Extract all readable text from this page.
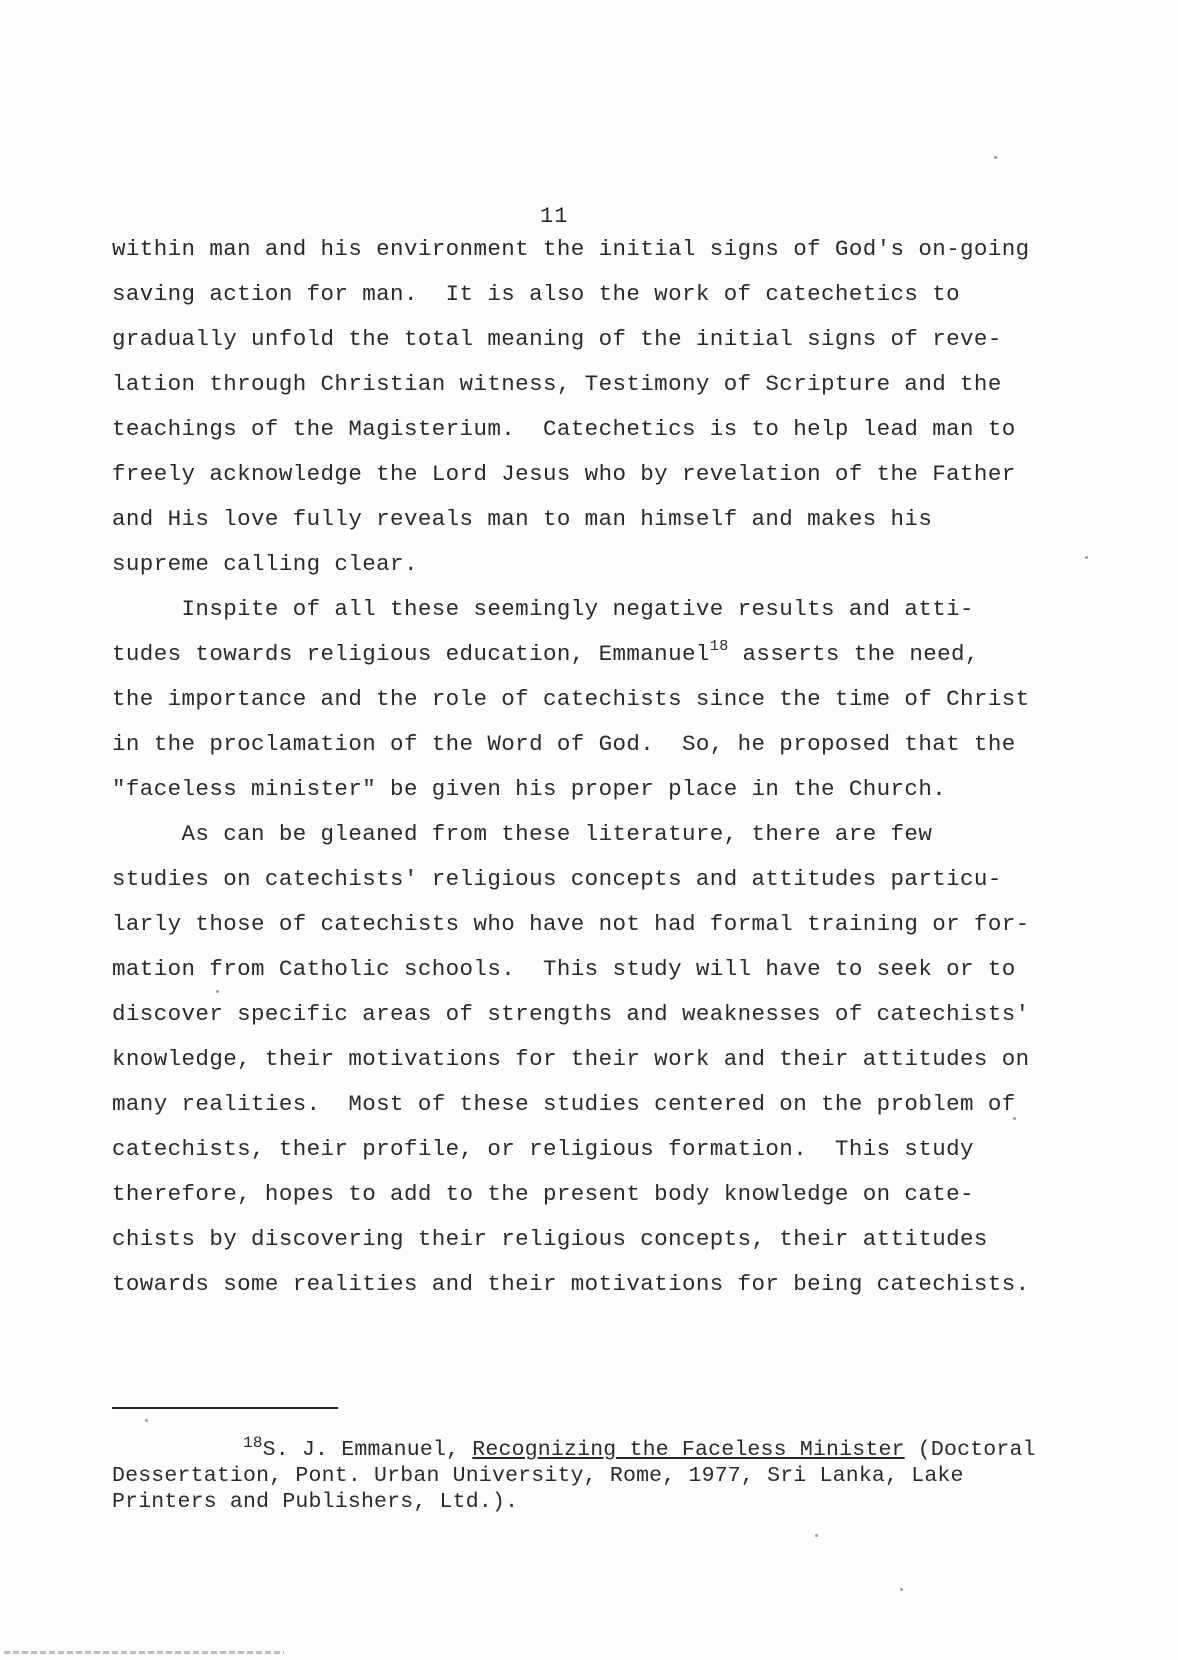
11
within man and his environment the initial signs of God's on-going
saving action for man.  It is also the work of catechetics to
gradually unfold the total meaning of the initial signs of reve-
lation through Christian witness, Testimony of Scripture and the
teachings of the Magisterium.  Catechetics is to help lead man to
freely acknowledge the Lord Jesus who by revelation of the Father
and His love fully reveals man to man himself and makes his
supreme calling clear.
Inspite of all these seemingly negative results and atti-
tudes towards religious education, Emmanuel$^{18}$ asserts the need,
the importance and the role of catechists since the time of Christ
in the proclamation of the Word of God.  So, he proposed that the
"faceless minister" be given his proper place in the Church.
As can be gleaned from these literature, there are few
studies on catechists' religious concepts and attitudes particu-
larly those of catechists who have not had formal training or for-
mation from Catholic schools.  This study will have to seek or to
discover specific areas of strengths and weaknesses of catechists'
knowledge, their motivations for their work and their attitudes on
many realities.  Most of these studies centered on the problem of
catechists, their profile, or religious formation.  This study
therefore, hopes to add to the present body knowledge on cate-
chists by discovering their religious concepts, their attitudes
towards some realities and their motivations for being catechists.
$^{18}$S. J. Emmanuel, Recognizing the Faceless Minister (Doctoral
Dessertation, Pont. Urban University, Rome, 1977, Sri Lanka, Lake
Printers and Publishers, Ltd.).
